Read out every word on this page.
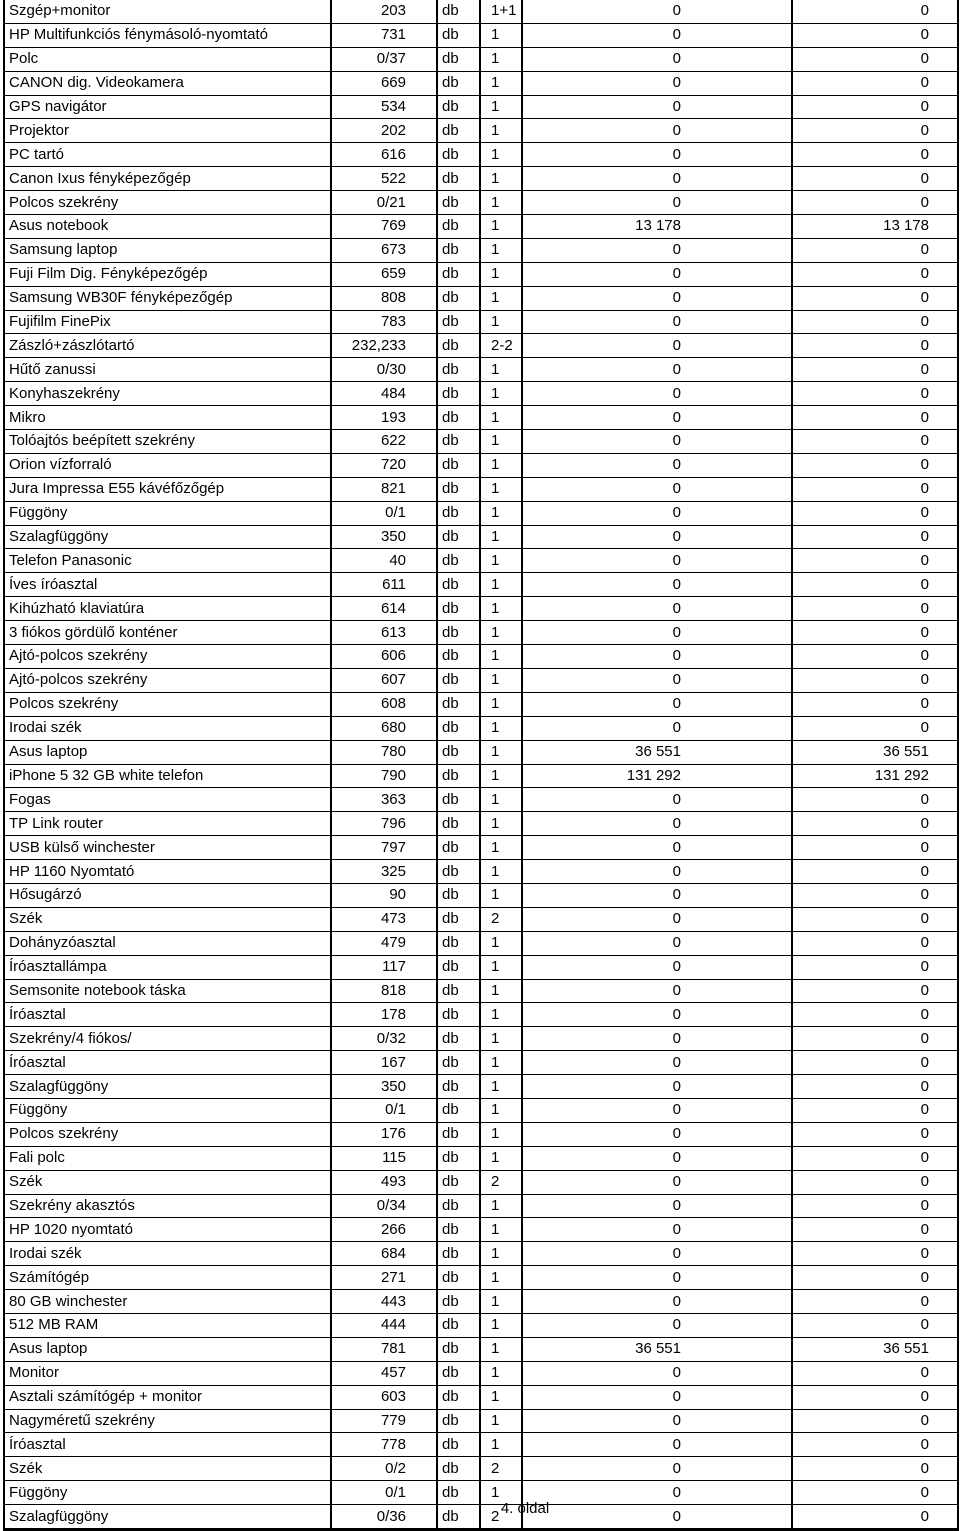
Szgép+monitor	203	db	1+1	0	0
HP Multifunkciós fénymásoló-nyomtató	731	db	1	0	0
Polc	0/37	db	1	0	0
CANON dig. Videokamera	669	db	1	0	0
GPS navigátor	534	db	1	0	0
Projektor	202	db	1	0	0
PC tartó	616	db	1	0	0
Canon Ixus fényképezőgép	522	db	1	0	0
Polcos szekrény	0/21	db	1	0	0
Asus notebook	769	db	1	13 178	13 178
Samsung laptop	673	db	1	0	0
Fuji Film Dig. Fényképezőgép	659	db	1	0	0
Samsung WB30F fényképezőgép	808	db	1	0	0
Fujifilm FinePix	783	db	1	0	0
Zászló+zászlótartó	232,233	db	2-2	0	0
Hűtő zanussi	0/30	db	1	0	0
Konyhaszekrény	484	db	1	0	0
Mikro	193	db	1	0	0
Tolóajtós beépített szekrény	622	db	1	0	0
Orion vízforraló	720	db	1	0	0
Jura Impressa E55 kávéfőzőgép	821	db	1	0	0
Függöny	0/1	db	1	0	0
Szalagfüggöny	350	db	1	0	0
Telefon Panasonic	40	db	1	0	0
Íves íróasztal	611	db	1	0	0
Kihúzható klaviatúra	614	db	1	0	0
3 fiókos gördülő konténer	613	db	1	0	0
Ajtó-polcos szekrény	606	db	1	0	0
Ajtó-polcos szekrény	607	db	1	0	0
Polcos szekrény	608	db	1	0	0
Irodai szék	680	db	1	0	0
Asus laptop	780	db	1	36 551	36 551
iPhone 5 32 GB white telefon	790	db	1	131 292	131 292
Fogas	363	db	1	0	0
TP Link router	796	db	1	0	0
USB külső winchester	797	db	1	0	0
HP 1160 Nyomtató	325	db	1	0	0
Hősugárzó	90	db	1	0	0
Szék	473	db	2	0	0
Dohányzóasztal	479	db	1	0	0
Íróasztallámpa	117	db	1	0	0
Semsonite notebook táska	818	db	1	0	0
Íróasztal	178	db	1	0	0
Szekrény/4 fiókos/	0/32	db	1	0	0
Íróasztal	167	db	1	0	0
Szalagfüggöny	350	db	1	0	0
Függöny	0/1	db	1	0	0
Polcos szekrény	176	db	1	0	0
Fali polc	115	db	1	0	0
Szék	493	db	2	0	0
Szekrény akasztós	0/34	db	1	0	0
HP 1020 nyomtató	266	db	1	0	0
Irodai szék	684	db	1	0	0
Számítógép	271	db	1	0	0
80 GB winchester	443	db	1	0	0
512 MB RAM	444	db	1	0	0
Asus laptop	781	db	1	36 551	36 551
Monitor	457	db	1	0	0
Asztali számítógép + monitor	603	db	1	0	0
Nagyméretű szekrény	779	db	1	0	0
Íróasztal	778	db	1	0	0
Szék	0/2	db	2	0	0
Függöny	0/1	db	1	0	0
Szalagfüggöny	0/36	db	2	0	0
4. oldal
